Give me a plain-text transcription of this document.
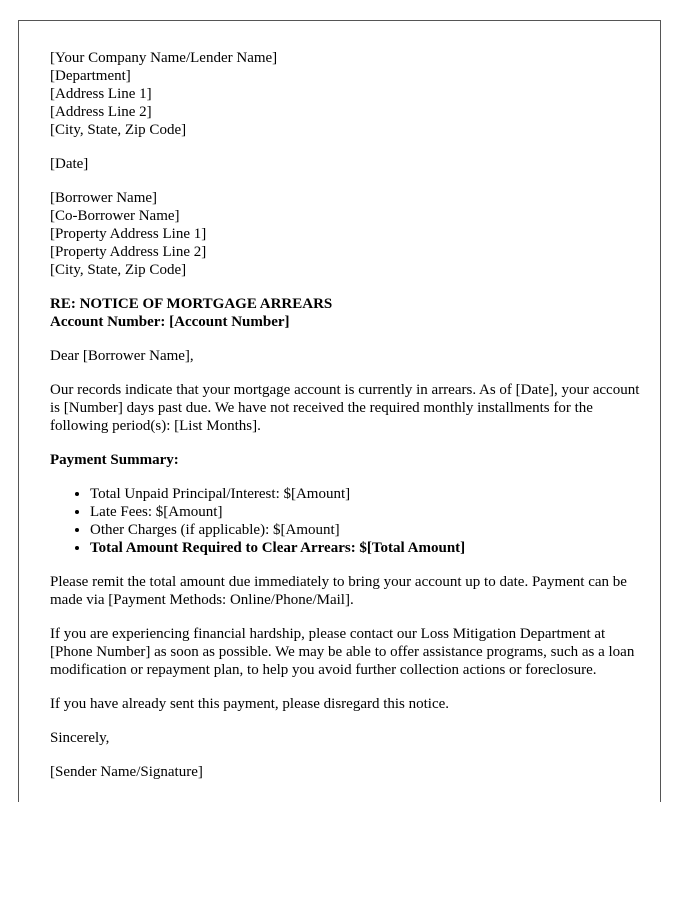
[Your Company Name/Lender Name]
[Department]
[Address Line 1]
[Address Line 2]
[City, State, Zip Code]
[Date]
[Borrower Name]
[Co-Borrower Name]
[Property Address Line 1]
[Property Address Line 2]
[City, State, Zip Code]
RE: NOTICE OF MORTGAGE ARREARS
Account Number: [Account Number]

Dear [Borrower Name],

Our records indicate that your mortgage account is currently in arrears. As of [Date], your account is [Number] days past due. We have not received the required monthly installments for the following period(s): [List Months].

Payment Summary:

• Total Unpaid Principal/Interest: $[Amount]
• Late Fees: $[Amount]
• Other Charges (if applicable): $[Amount]
• Total Amount Required to Clear Arrears: $[Total Amount]

Please remit the total amount due immediately to bring your account up to date. Payment can be made via [Payment Methods: Online/Phone/Mail].

If you are experiencing financial hardship, please contact our Loss Mitigation Department at [Phone Number] as soon as possible. We may be able to offer assistance programs, such as a loan modification or repayment plan, to help you avoid further collection actions or foreclosure.

If you have already sent this payment, please disregard this notice.

Sincerely,

[Sender Name/Signature]
